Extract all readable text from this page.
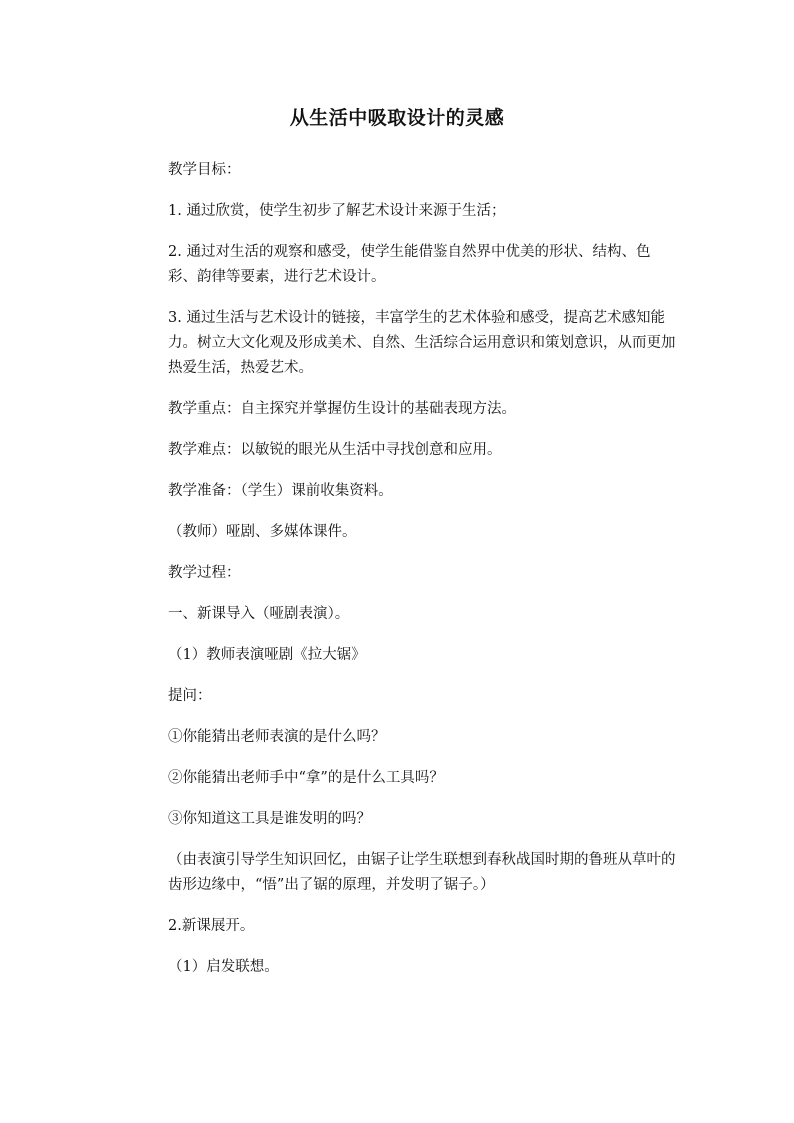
从生活中吸取设计的灵感

教学目标：

1. 通过欣赏，使学生初步了解艺术设计来源于生活；

2. 通过对生活的观察和感受，使学生能借鉴自然界中优美的形状、结构、色彩、韵律等要素，进行艺术设计。

3. 通过生活与艺术设计的链接，丰富学生的艺术体验和感受，提高艺术感知能力。树立大文化观及形成美术、自然、生活综合运用意识和策划意识，从而更加热爱生活，热爱艺术。

教学重点：自主探究并掌握仿生设计的基础表现方法。

教学难点：以敏锐的眼光从生活中寻找创意和应用。

教学准备：（学生）课前收集资料。

（教师）哑剧、多媒体课件。

教学过程：

一、新课导入（哑剧表演）。

（1）教师表演哑剧《拉大锯》

提问：

①你能猜出老师表演的是什么吗？

②你能猜出老师手中“拿”的是什么工具吗？

③你知道这工具是谁发明的吗？

（由表演引导学生知识回忆，由锯子让学生联想到春秋战国时期的鲁班从草叶的齿形边缘中，“悟”出了锯的原理，并发明了锯子。）

2.新课展开。

（1）启发联想。
